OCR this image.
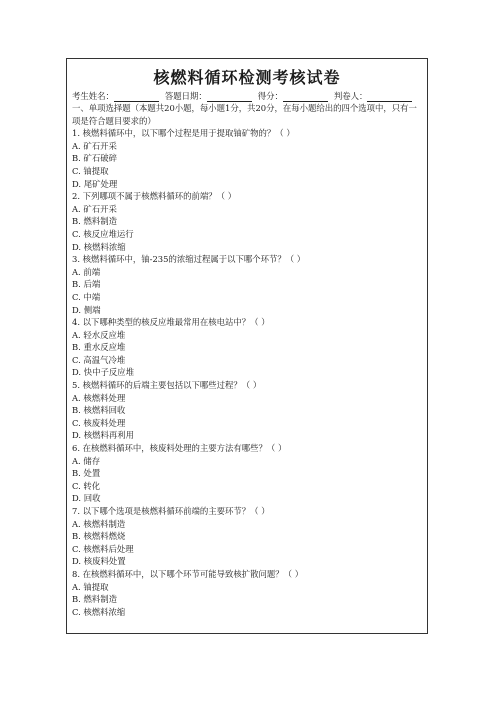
核燃料循环检测考核试卷
考生姓名：	答题日期：	得分：	判卷人：
一、单项选择题（本题共20小题，每小题1分，共20分，在每小题给出的四个选项中，只有一项是符合题目要求的）
1. 核燃料循环中，以下哪个过程是用于提取铀矿物的？（ ）
A. 矿石开采
B. 矿石破碎
C. 铀提取
D. 尾矿处理
2. 下列哪项不属于核燃料循环的前端？（ ）
A. 矿石开采
B. 燃料制造
C. 核反应堆运行
D. 核燃料浓缩
3. 核燃料循环中，铀-235的浓缩过程属于以下哪个环节？（ ）
A. 前端
B. 后端
C. 中端
D. 侧端
4. 以下哪种类型的核反应堆最常用在核电站中？（ ）
A. 轻水反应堆
B. 重水反应堆
C. 高温气冷堆
D. 快中子反应堆
5. 核燃料循环的后端主要包括以下哪些过程？（ ）
A. 核燃料处理
B. 核燃料回收
C. 核废料处理
D. 核燃料再利用
6. 在核燃料循环中，核废料处理的主要方法有哪些？（ ）
A. 储存
B. 处置
C. 转化
D. 回收
7. 以下哪个选项是核燃料循环前端的主要环节？（ ）
A. 核燃料制造
B. 核燃料燃烧
C. 核燃料后处理
D. 核废料处置
8. 在核燃料循环中，以下哪个环节可能导致核扩散问题？（ ）
A. 铀提取
B. 燃料制造
C. 核燃料浓缩
